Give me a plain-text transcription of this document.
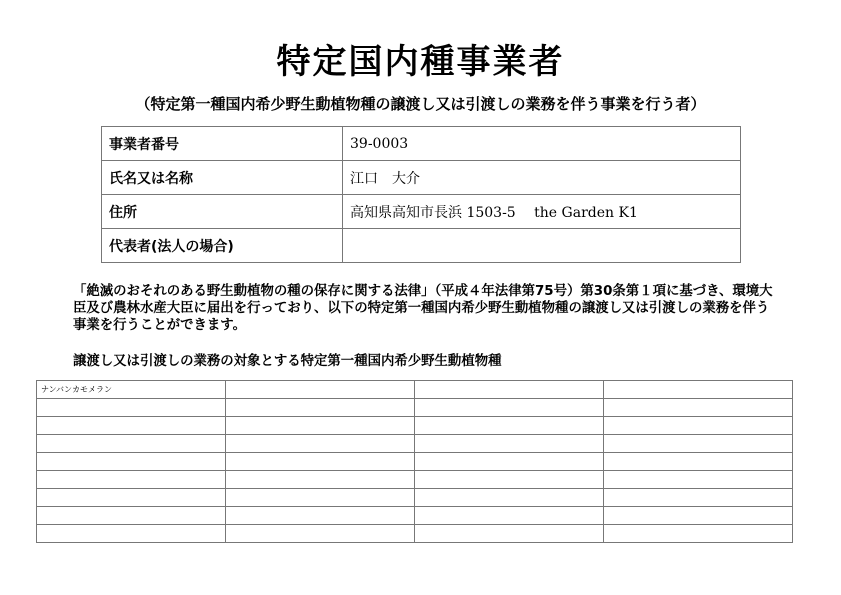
特定国内種事業者
（特定第一種国内希少野生動植物種の譲渡し又は引渡しの業務を伴う事業を行う者）
事業者番号	39-0003
氏名又は名称	江口　大介
住所	高知県高知市長浜 1503-5　 the Garden K1
代表者(法人の場合)	
「絶滅のおそれのある野生動植物の種の保存に関する法律」（平成４年法律第75号）第30条第１項に基づき、環境大臣及び農林水産大臣に届出を行っており、以下の特定第一種国内希少野生動植物種の譲渡し又は引渡しの業務を伴う事業を行うことができます。
譲渡し又は引渡しの業務の対象とする特定第一種国内希少野生動植物種
ナンバンカモメラン			
